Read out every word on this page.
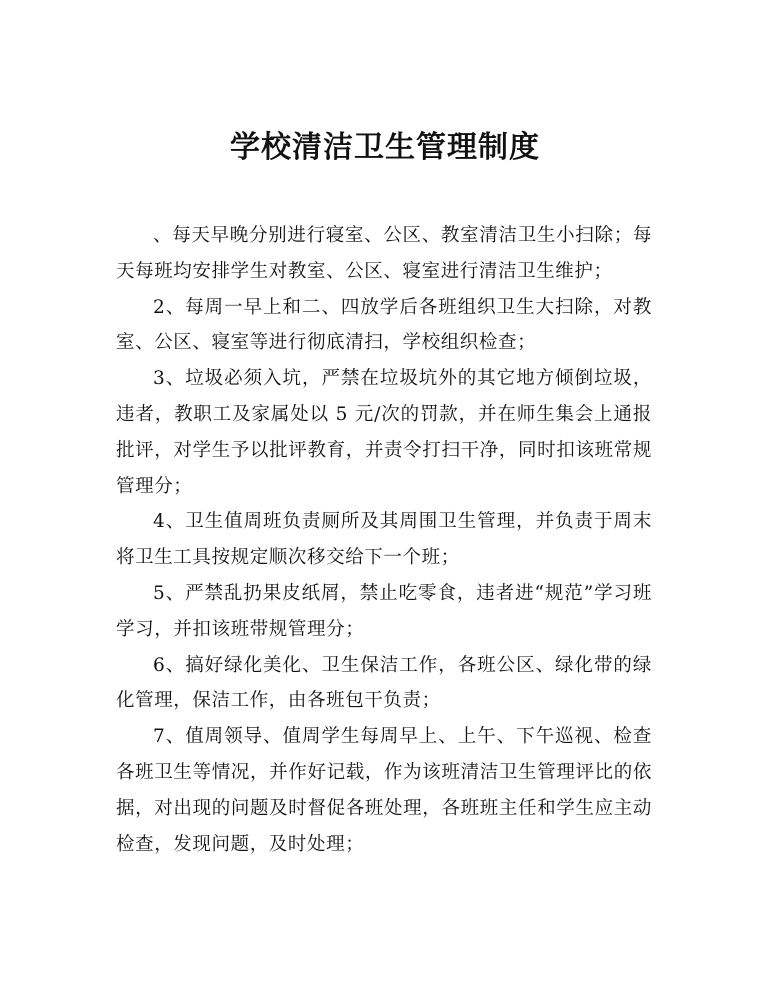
学校清洁卫生管理制度

、每天早晚分别进行寝室、公区、教室清洁卫生小扫除；每天每班均安排学生对教室、公区、寝室进行清洁卫生维护；

2、每周一早上和二、四放学后各班组织卫生大扫除，对教室、公区、寝室等进行彻底清扫，学校组织检查；

3、垃圾必须入坑，严禁在垃圾坑外的其它地方倾倒垃圾，违者，教职工及家属处以 5 元/次的罚款，并在师生集会上通报批评，对学生予以批评教育，并责令打扫干净，同时扣该班常规管理分；

4、卫生值周班负责厕所及其周围卫生管理，并负责于周末将卫生工具按规定顺次移交给下一个班；

5、严禁乱扔果皮纸屑，禁止吃零食，违者进“规范”学习班学习，并扣该班带规管理分；

6、搞好绿化美化、卫生保洁工作，各班公区、绿化带的绿化管理，保洁工作，由各班包干负责；

7、值周领导、值周学生每周早上、上午、下午巡视、检查各班卫生等情况，并作好记载，作为该班清洁卫生管理评比的依据，对出现的问题及时督促各班处理，各班班主任和学生应主动检查，发现问题，及时处理；
